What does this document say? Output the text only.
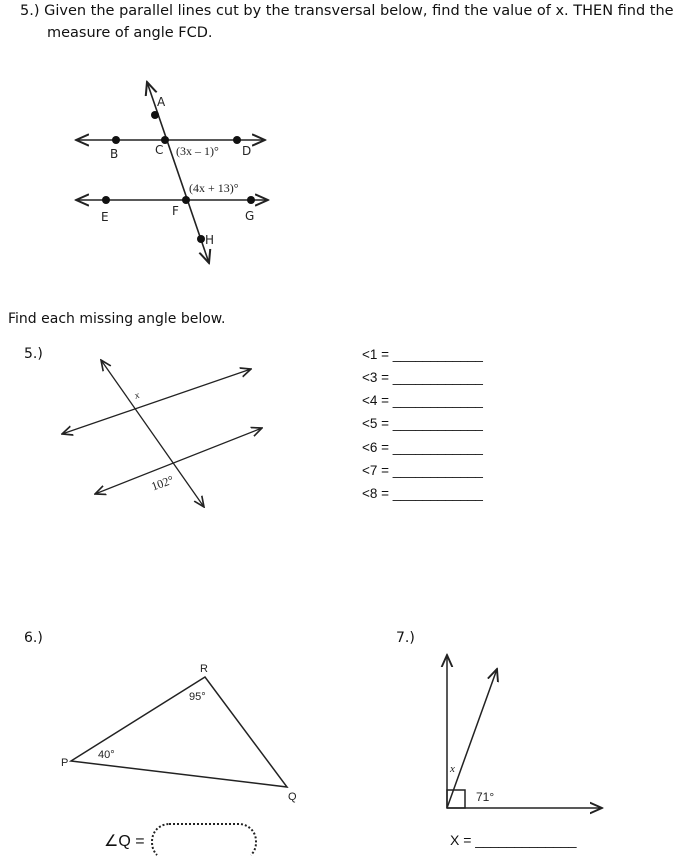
5.) Given the parallel lines cut by the transversal below, find the value of x. THEN find the
measure of angle FCD.
Find each missing angle below.
5.)
6.)	7.)
<1 = ____________
<3 = ____________
<4 = ____________
<5 = ____________
<6 = ____________
<7 = ____________
<8 = ____________
X = _____________
∠Q =
A
B	C	D
E	F	G
H
(3x – 1)°
(4x + 13)°
x
102°
R
P
Q
95°
40°
x
71°
